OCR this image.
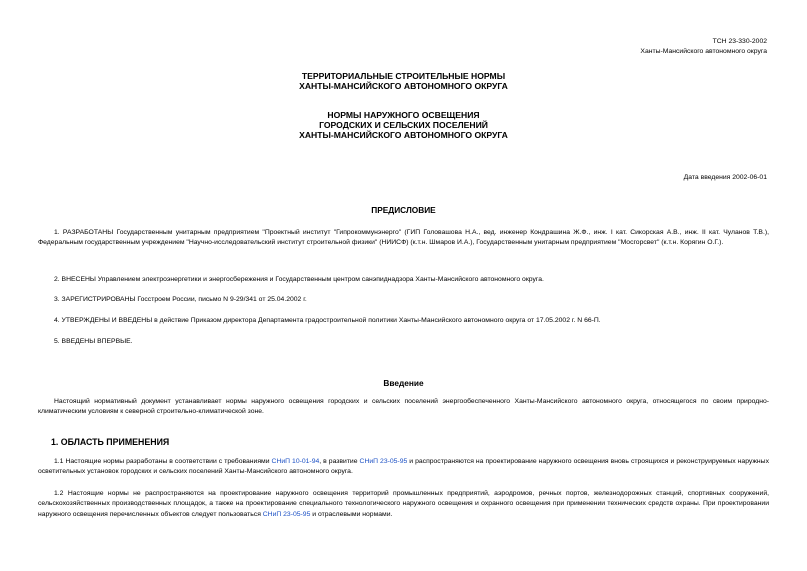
ТСН 23-330-2002
Ханты-Мансийского автономного округа
ТЕРРИТОРИАЛЬНЫЕ СТРОИТЕЛЬНЫЕ НОРМЫ
ХАНТЫ-МАНСИЙСКОГО АВТОНОМНОГО ОКРУГА
НОРМЫ НАРУЖНОГО ОСВЕЩЕНИЯ
ГОРОДСКИХ И СЕЛЬСКИХ ПОСЕЛЕНИЙ
ХАНТЫ-МАНСИЙСКОГО АВТОНОМНОГО ОКРУГА
Дата введения 2002-06-01
ПРЕДИСЛОВИЕ
1. РАЗРАБОТАНЫ Государственным унитарным предприятием "Проектный институт "Гипрокоммунэнерго" (ГИП Головашова Н.А., вед. инженер Кондрашина Ж.Ф., инж. I кат. Сикорская А.В., инж. II кат. Чуланов Т.В.), Федеральным государственным учреждением "Научно-исследовательский институт строительной физики" (НИИСФ) (к.т.н. Шмаров И.А.), Государственным унитарным предприятием "Мосгорсвет" (к.т.н. Корягин О.Г.).
2. ВНЕСЕНЫ Управлением электроэнергетики и энергосбережения и Государственным центром санэпиднадзора Ханты-Мансийского автономного округа.
3. ЗАРЕГИСТРИРОВАНЫ Госстроем России, письмо N 9-29/341 от 25.04.2002 г.
4. УТВЕРЖДЕНЫ И ВВЕДЕНЫ в действие Приказом директора Департамента градостроительной политики Ханты-Мансийского автономного округа от 17.05.2002 г. N 66-П.
5. ВВЕДЕНЫ ВПЕРВЫЕ.
Введение
Настоящий нормативный документ устанавливает нормы наружного освещения городских и сельских поселений энергообеспеченного Ханты-Мансийского автономного округа, относящегося по своим природно-климатическим условиям к северной строительно-климатической зоне.
1. ОБЛАСТЬ ПРИМЕНЕНИЯ
1.1 Настоящие нормы разработаны в соответствии с требованиями СНиП 10-01-94, в развитие СНиП 23-05-95 и распространяются на проектирование наружного освещения вновь строящихся и реконструируемых наружных осветительных установок городских и сельских поселений Ханты-Мансийского автономного округа.
1.2 Настоящие нормы не распространяются на проектирование наружного освещения территорий промышленных предприятий, аэродромов, речных портов, железнодорожных станций, спортивных сооружений, сельскохозяйственных производственных площадок, а также на проектирование специального технологического наружного освещения и охранного освещения при применении технических средств охраны. При проектировании наружного освещения перечисленных объектов следует пользоваться СНиП 23-05-95 и отраслевыми нормами.
